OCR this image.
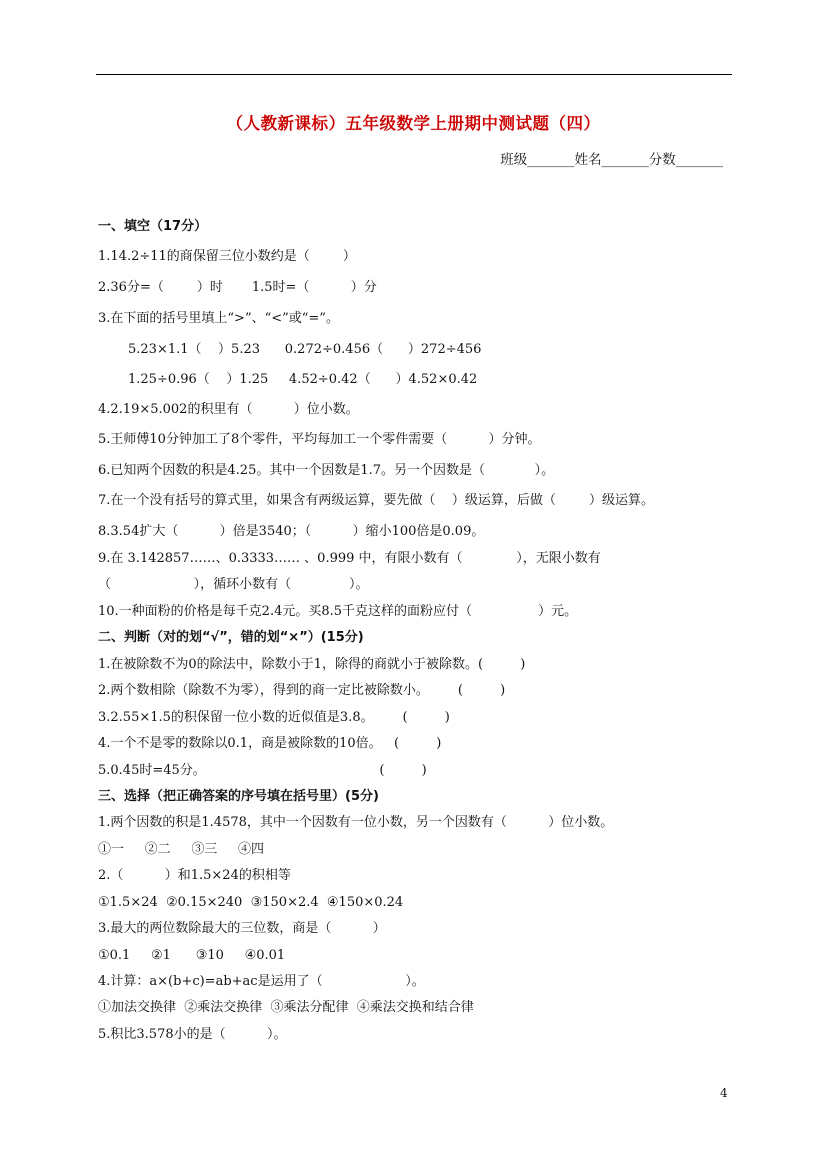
（人教新课标）五年级数学上册期中测试题（四）
班级_______姓名_______分数_______
一、填空（17分）
1.14.2÷11的商保留三位小数约是（        ）
2.36分=（        ）时       1.5时=（          ）分
3.在下面的括号里填上“>”、“<”或“=”。
5.23×1.1（    ）5.23      0.272÷0.456（      ）272÷456
1.25÷0.96（    ）1.25     4.52÷0.42（      ）4.52×0.42
4.2.19×5.002的积里有（          ）位小数。
5.王师傅10分钟加工了8个零件，平均每加工一个零件需要（          ）分钟。
6.已知两个因数的积是4.25。其中一个因数是1.7。另一个因数是（            ）。
7.在一个没有括号的算式里，如果含有两级运算，要先做（    ）级运算，后做（        ）级运算。
8.3.54扩大（          ）倍是3540；（          ）缩小100倍是0.09。
9.在 3.142857……、0.3333…… 、0.999 中，有限小数有（             ），无限小数有
（                    ），循环小数有（              ）。
10.一种面粉的价格是每千克2.4元。买8.5千克这样的面粉应付（                ）元。
二、判断（对的划“√”，错的划“×”）(15分)
1.在被除数不为0的除法中，除数小于1，除得的商就小于被除数。(         )
2.两个数相除（除数不为零），得到的商一定比被除数小。       (         )
3.2.55×1.5的积保留一位小数的近似值是3.8。       (         )
4.一个不是零的数除以0.1，商是被除数的10倍。   (         )
5.0.45时=45分。                                          (         )
三、选择（把正确答案的序号填在括号里）(5分)
1.两个因数的积是1.4578，其中一个因数有一位小数，另一个因数有（          ）位小数。
①一     ②二     ③三     ④四
2.（          ）和1.5×24的积相等
①1.5×24  ②0.15×240  ③150×2.4  ④150×0.24
3.最大的两位数除最大的三位数，商是（          ）
①0.1     ②1      ③10     ④0.01
4.计算：a×(b+c)=ab+ac是运用了（                    ）。
①加法交换律  ②乘法交换律  ③乘法分配律  ④乘法交换和结合律
5.积比3.578小的是（          ）。
4
